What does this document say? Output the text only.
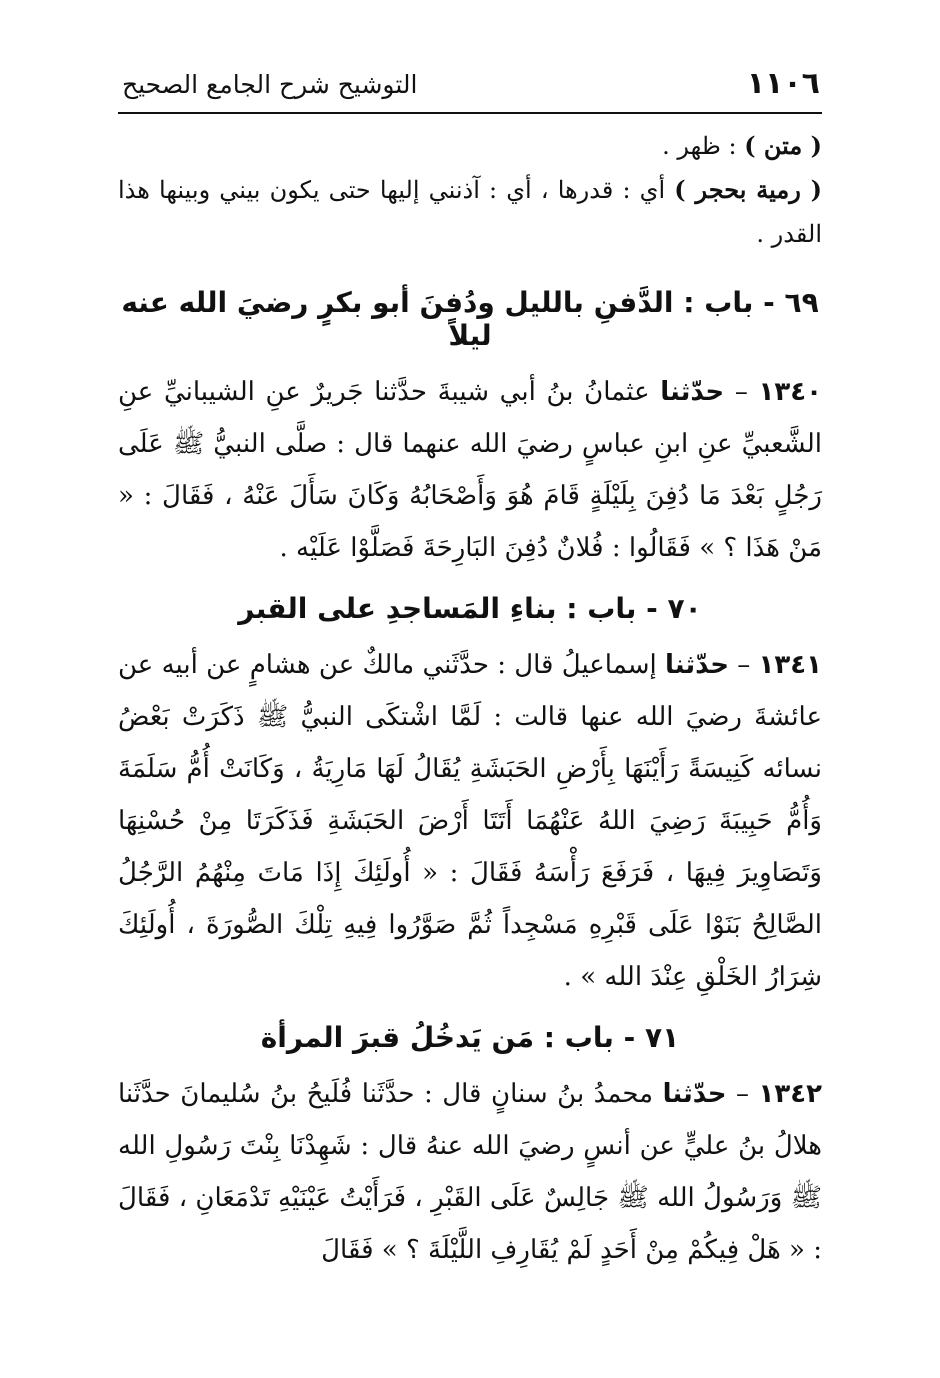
١١٠٦
التوشيح شرح الجامع الصحيح

( متن ) : ظهر .

( رمية بحجر ) أي : قدرها ، أي : آذنني إليها حتى يكون بيني وبينها هذا القدر .

٦٩ - باب : الدَّفنِ بالليل ودُفنَ أبو بكرٍ رضيَ الله عنه ليلاً

١٣٤٠ – حدّثنا عثمانُ بنُ أبي شيبةَ حدَّثنا جَريرٌ عنِ الشيبانيِّ عنِ الشَّعبيِّ عنِ ابنِ عباسٍ رضيَ الله عنهما قال : صلَّى النبيُّ ﷺ عَلَى رَجُلٍ بَعْدَ مَا دُفِنَ بِلَيْلَةٍ قَامَ هُوَ وَأَصْحَابُهُ وَكَانَ سَأَلَ عَنْهُ ، فَقَالَ : « مَنْ هَذَا ؟ » فَقَالُوا : فُلانٌ دُفِنَ البَارِحَةَ فَصَلَّوْا عَلَيْه .

٧٠ - باب : بناءِ المَساجدِ على القبر

١٣٤١ – حدّثنا إسماعيلُ قال : حدَّثَني مالكٌ عن هشامٍ عن أبيه عن عائشةَ رضيَ الله عنها قالت : لَمَّا اشْتكَى النبيُّ ﷺ ذَكَرَتْ بَعْضُ نسائه كَنِيسَةً رَأَيْنَهَا بِأَرْضِ الحَبَشَةِ يُقَالُ لَهَا مَارِيَةُ ، وَكَانَتْ أُمُّ سَلَمَةَ وَأُمُّ حَبِيبَةَ رَضِيَ اللهُ عَنْهُمَا أَتَتَا أَرْضَ الحَبَشَةِ فَذَكَرَتَا مِنْ حُسْنِهَا وَتَصَاوِيرَ فِيهَا ، فَرَفَعَ رَأْسَهُ فَقَالَ : « أُولَئِكَ إِذَا مَاتَ مِنْهُمُ الرَّجُلُ الصَّالِحُ بَنَوْا عَلَى قَبْرِهِ مَسْجِداً ثُمَّ صَوَّرُوا فِيهِ تِلْكَ الصُّورَةَ ، أُولَئِكَ شِرَارُ الخَلْقِ عِنْدَ الله » .

٧١ - باب : مَن يَدخُلُ قبرَ المرأة

١٣٤٢ – حدّثنا محمدُ بنُ سنانٍ قال : حدَّثَنا فُلَيحُ بنُ سُليمانَ حدَّثَنا هلالُ بنُ عليٍّ عن أنسٍ رضيَ الله عنهُ قال : شَهِدْنَا بِنْتَ رَسُولِ الله ﷺ وَرَسُولُ الله ﷺ جَالِسٌ عَلَى القَبْرِ ، فَرَأَيْتُ عَيْنَيْهِ تَدْمَعَانِ ، فَقَالَ : « هَلْ فِيكُمْ مِنْ أَحَدٍ لَمْ يُقَارِفِ اللَّيْلَةَ ؟ » فَقَالَ
